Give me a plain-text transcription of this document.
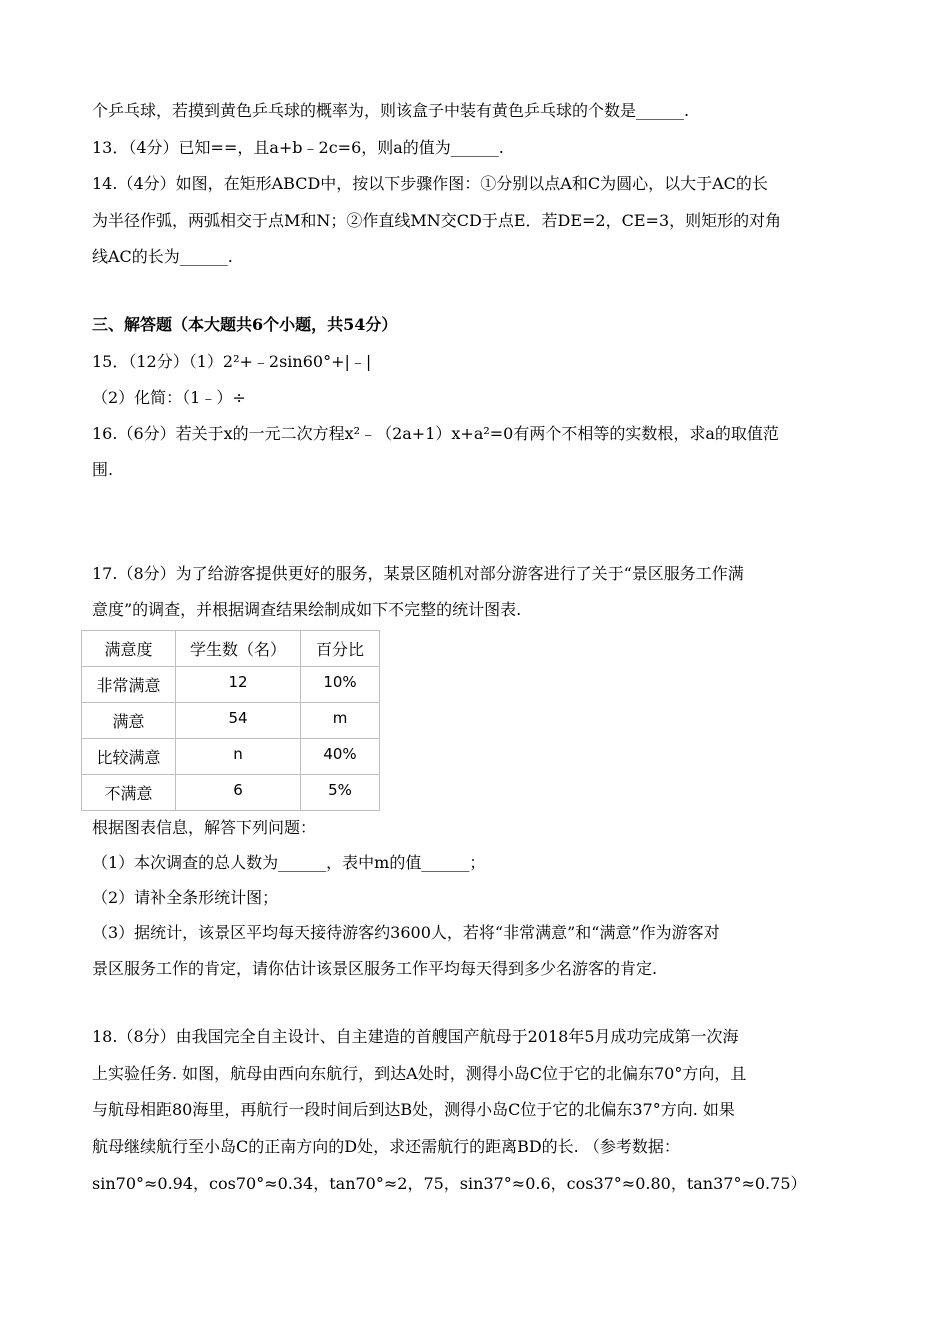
个乒乓球，若摸到黄色乒乓球的概率为，则该盒子中装有黄色乒乓球的个数是______.
13．（4分）已知==，且a+b﹣2c=6，则a的值为______.
14.（4分）如图，在矩形ABCD中，按以下步骤作图：①分别以点A和C为圆心，以大于AC的长
为半径作弧，两弧相交于点M和N；②作直线MN交CD于点E．若DE=2，CE=3，则矩形的对角
线AC的长为______.
三、解答题（本大题共6个小题，共54分）
15．（12分）（1）2²+﹣2sin60°+|﹣|
（2）化简：（1﹣）÷
16.（6分）若关于x的一元二次方程x²﹣（2a+1）x+a²=0有两个不相等的实数根，求a的取值范
围.
17.（8分）为了给游客提供更好的服务，某景区随机对部分游客进行了关于“景区服务工作满
意度”的调查，并根据调查结果绘制成如下不完整的统计图表.
满意度	学生数（名）	百分比
非常满意	12	10%
满意	54	m
比较满意	n	40%
不满意	6	5%
根据图表信息，解答下列问题：
（1）本次调查的总人数为______，表中m的值______；
（2）请补全条形统计图；
（3）据统计，该景区平均每天接待游客约3600人，若将“非常满意”和“满意”作为游客对
景区服务工作的肯定，请你估计该景区服务工作平均每天得到多少名游客的肯定.
18.（8分）由我国完全自主设计、自主建造的首艘国产航母于2018年5月成功完成第一次海
上实验任务. 如图，航母由西向东航行，到达A处时，测得小岛C位于它的北偏东70°方向，且
与航母相距80海里，再航行一段时间后到达B处，测得小岛C位于它的北偏东37°方向. 如果
航母继续航行至小岛C的正南方向的D处，求还需航行的距离BD的长. （参考数据：
sin70°≈0.94，cos70°≈0.34，tan70°≈2，75，sin37°≈0.6，cos37°≈0.80，tan37°≈0.75）
